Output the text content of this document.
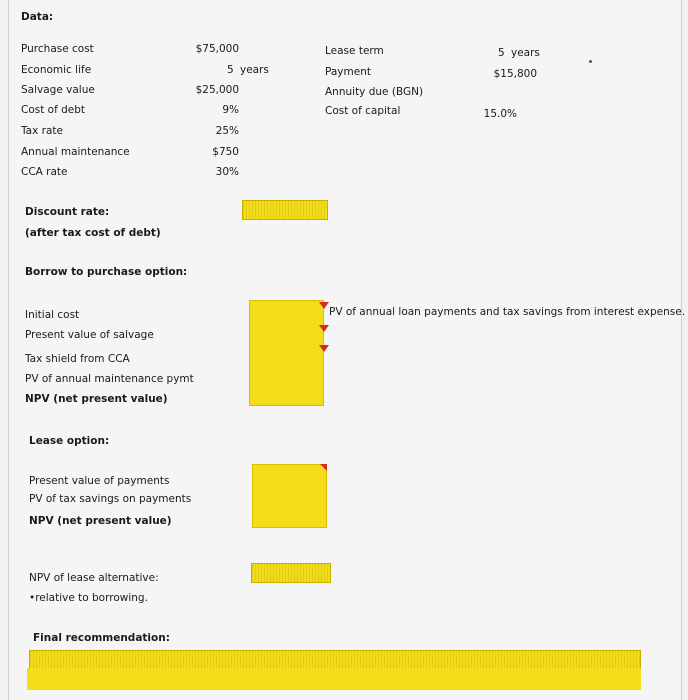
Data:
Purchase cost
Economic life
Salvage value
Cost of debt
Tax rate
Annual maintenance
CCA rate
$75,000
5 years
$25,000
9%
25%
$750
30%
Lease term
Payment
Annuity due (BGN)
Cost of capital
5 years
$15,800
15.0%
Discount rate:
(after tax cost of debt)
Borrow to purchase option:
Initial cost
Present value of salvage
Tax shield from CCA
PV of annual maintenance pymt
NPV (net present value)
PV of annual loan payments and tax savings from interest expense.
Lease option:
Present value of payments
PV of tax savings on payments
NPV (net present value)
NPV of lease alternative:
•relative to borrowing.
Final recommendation:
